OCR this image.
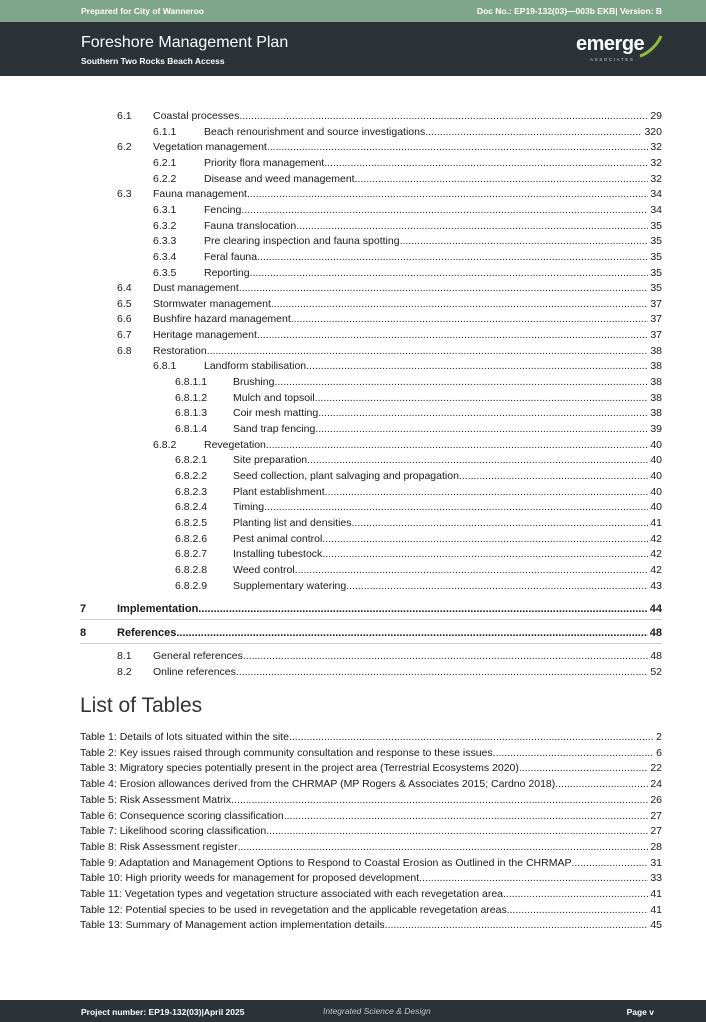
Prepared for City of Wanneroo	Doc No.: EP19-132(03)—003b EKB| Version: B
Foreshore Management Plan
Southern Two Rocks Beach Access
emerge
ASSOCIATES
6.1 Coastal processes .....	29
6.1.1	Beach renourishment and source investigations .....	320
6.2 Vegetation management .....	32
6.2.1	Priority flora management .....	32
6.2.2	Disease and weed management .....	32
6.3 Fauna management .....	34
6.3.1	Fencing .....	34
6.3.2	Fauna translocation .....	35
6.3.3	Pre clearing inspection and fauna spotting .....	35
6.3.4	Feral fauna .....	35
6.3.5	Reporting .....	35
6.4 Dust management .....	35
6.5 Stormwater management .....	37
6.6 Bushfire hazard management .....	37
6.7 Heritage management .....	37
6.8 Restoration .....	38
6.8.1	Landform stabilisation .....	38
6.8.1.1 Brushing .....	38
6.8.1.2 Mulch and topsoil .....	38
6.8.1.3 Coir mesh matting .....	38
6.8.1.4 Sand trap fencing .....	39
6.8.2	Revegetation .....	40
6.8.2.1 Site preparation .....	40
6.8.2.2 Seed collection, plant salvaging and propagation .....	40
6.8.2.3 Plant establishment .....	40
6.8.2.4 Timing .....	40
6.8.2.5 Planting list and densities .....	41
6.8.2.6 Pest animal control .....	42
6.8.2.7 Installing tubestock .....	42
6.8.2.8 Weed control .....	42
6.8.2.9 Supplementary watering .....	43
7	Implementation .....	44
8	References .....	48
8.1 General references .....	48
8.2 Online references .....	52
List of Tables
Table 1: Details of lots situated within the site .....	2
Table 2: Key issues raised through community consultation and response to these issues. .....	6
Table 3: Migratory species potentially present in the project area (Terrestrial Ecosystems 2020) .....	22
Table 4: Erosion allowances derived from the CHRMAP (MP Rogers & Associates 2015; Cardno 2018) .....	24
Table 5: Risk Assessment Matrix .....	26
Table 6: Consequence scoring classification .....	27
Table 7: Likelihood scoring classification .....	27
Table 8: Risk Assessment register .....	28
Table 9: Adaptation and Management Options to Respond to Coastal Erosion as Outlined in the CHRMAP .....	31
Table 10: High priority weeds for management for proposed development .....	33
Table 11: Vegetation types and vegetation structure associated with each revegetation area .....	41
Table 12: Potential species to be used in revegetation and the applicable revegetation areas .....	41
Table 13: Summary of Management action implementation details .....	45
Project number: EP19-132(03)|April 2025	Integrated Science & Design	Page v
